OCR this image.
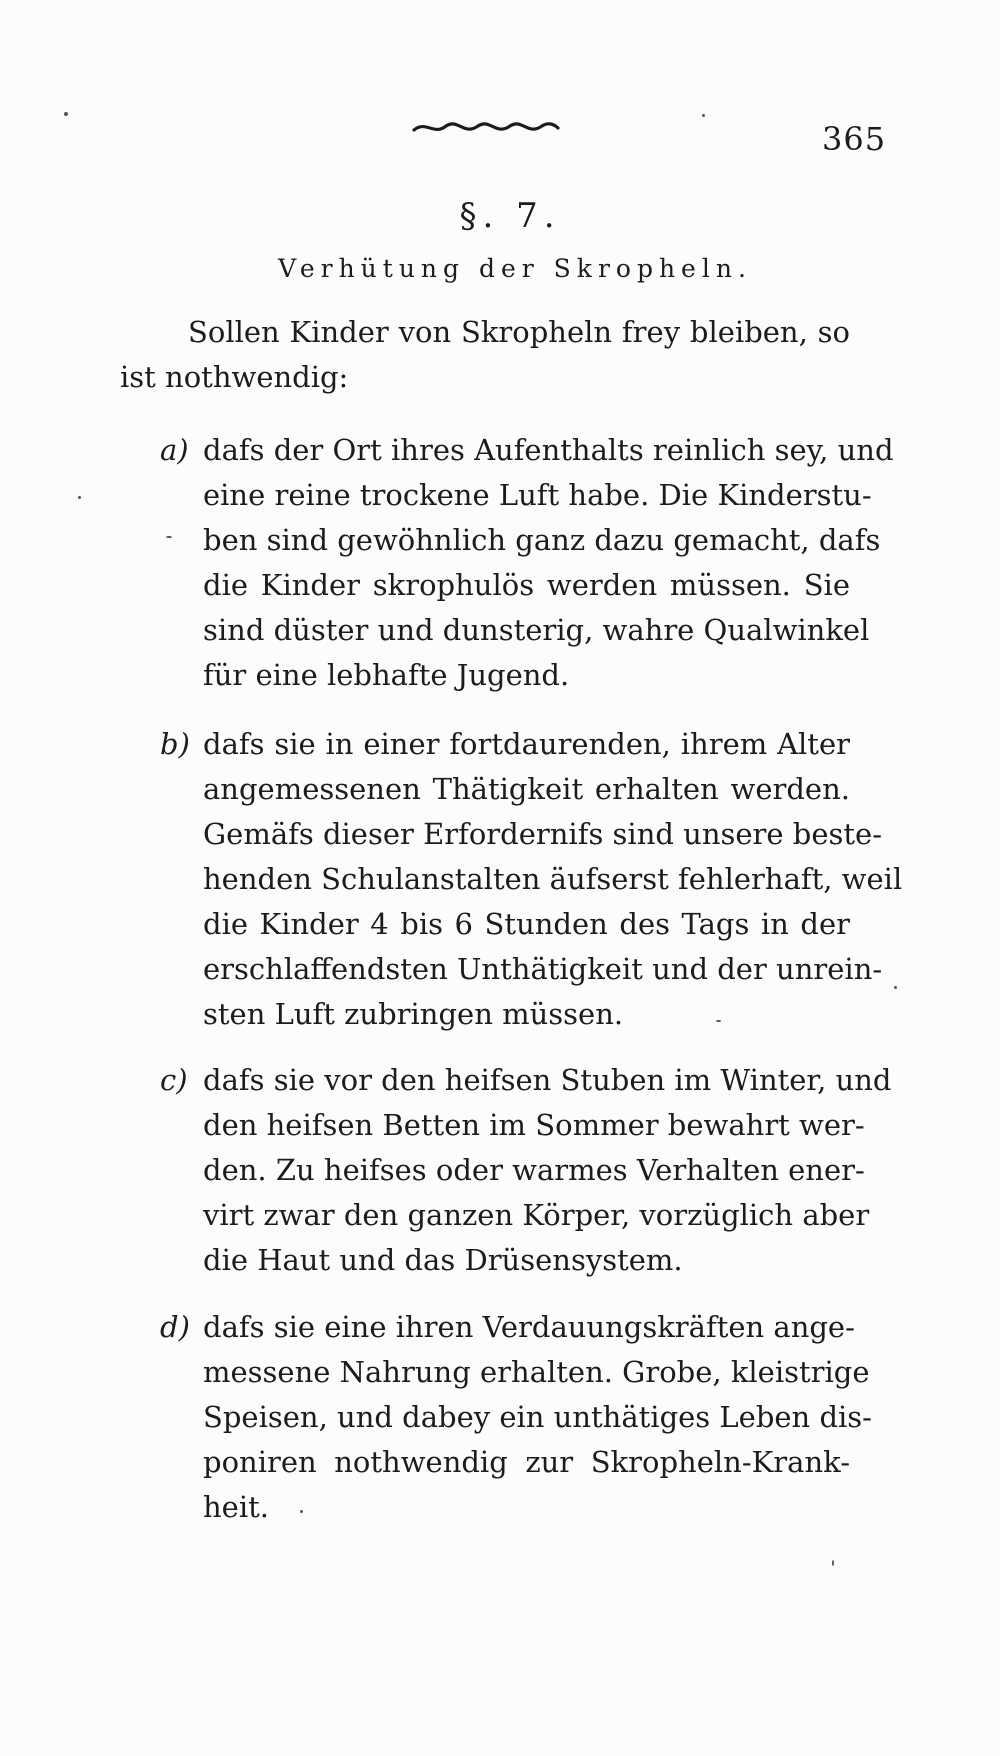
365
§. 7.
Verhütung der Skropheln.
Sollen Kinder von Skropheln frey bleiben, so
ist nothwendig:
a) dafs der Ort ihres Aufenthalts reinlich sey, und
eine reine trockene Luft habe. Die Kinderstu-
ben sind gewöhnlich ganz dazu gemacht, dafs
die Kinder skrophulös werden müssen. Sie
sind düster und dunsterig, wahre Qualwinkel
für eine lebhafte Jugend.
b) dafs sie in einer fortdaurenden, ihrem Alter
angemessenen Thätigkeit erhalten werden.
Gemäfs dieser Erfordernifs sind unsere beste-
henden Schulanstalten äufserst fehlerhaft, weil
die Kinder 4 bis 6 Stunden des Tags in der
erschlaffendsten Unthätigkeit und der unrein-
sten Luft zubringen müssen.
c) dafs sie vor den heifsen Stuben im Winter, und
den heifsen Betten im Sommer bewahrt wer-
den. Zu heifses oder warmes Verhalten ener-
virt zwar den ganzen Körper, vorzüglich aber
die Haut und das Drüsensystem.
d) dafs sie eine ihren Verdauungskräften ange-
messene Nahrung erhalten. Grobe, kleistrige
Speisen, und dabey ein unthätiges Leben dis-
poniren nothwendig zur Skropheln-Krank-
heit.
